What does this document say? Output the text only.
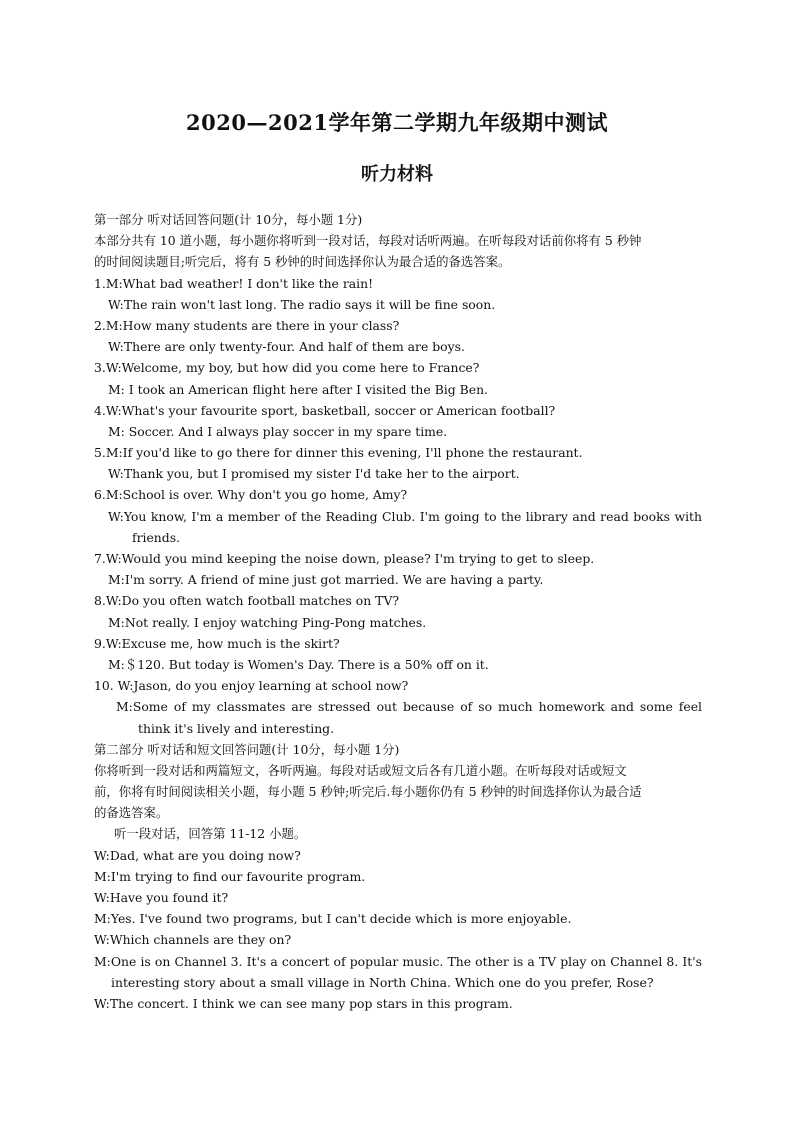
2020—2021学年第二学期九年级期中测试
听力材料
第一部分 听对话回答问题(计 10分，每小题 1分)
本部分共有 10 道小题，每小题你将听到一段对话，每段对话听两遍。在听每段对话前你将有 5 秒钟
的时间阅读题目;听完后，将有 5 秒钟的时间选择你认为最合适的备选答案。
1.M:What bad weather! I don't like the rain!
W:The rain won't last long. The radio says it will be fine soon.
2.M:How many students are there in your class?
W:There are only twenty-four. And half of them are boys.
3.W:Welcome, my boy, but how did you come here to France?
M: I took an American flight here after I visited the Big Ben.
4.W:What's your favourite sport, basketball, soccer or American football?
M: Soccer. And I always play soccer in my spare time.
5.M:If you'd like to go there for dinner this evening, I'll phone the restaurant.
W:Thank you, but I promised my sister I'd take her to the airport.
6.M:School is over. Why don't you go home, Amy?
W:You know, I'm a member of the Reading Club. I'm going to the library and read books with
friends.
7.W:Would you mind keeping the noise down, please? I'm trying to get to sleep.
M:I'm sorry. A friend of mine just got married. We are having a party.
8.W:Do you often watch football matches on TV?
M:Not really. I enjoy watching Ping-Pong matches.
9.W:Excuse me, how much is the skirt?
M:＄120. But today is Women's Day. There is a 50% off on it.
10. W:Jason, do you enjoy learning at school now?
M:Some of my classmates are stressed out because of so much homework and some feel
think it's lively and interesting.
第二部分 听对话和短文回答问题(计 10分，每小题 1分)
你将听到一段对话和两篇短文，各听两遍。每段对话或短文后各有几道小题。在听每段对话或短文
前，你将有时间阅读相关小题，每小题 5 秒钟;听完后.每小题你仍有 5 秒钟的时间选择你认为最合适
的备选答案。
听一段对话，回答第 11-12 小题。
W:Dad, what are you doing now?
M:I'm trying to find our favourite program.
W:Have you found it?
M:Yes. I've found two programs, but I can't decide which is more enjoyable.
W:Which channels are they on?
M:One is on Channel 3. It's a concert of popular music. The other is a TV play on Channel 8. It's
interesting story about a small village in North China. Which one do you prefer, Rose?
W:The concert. I think we can see many pop stars in this program.
